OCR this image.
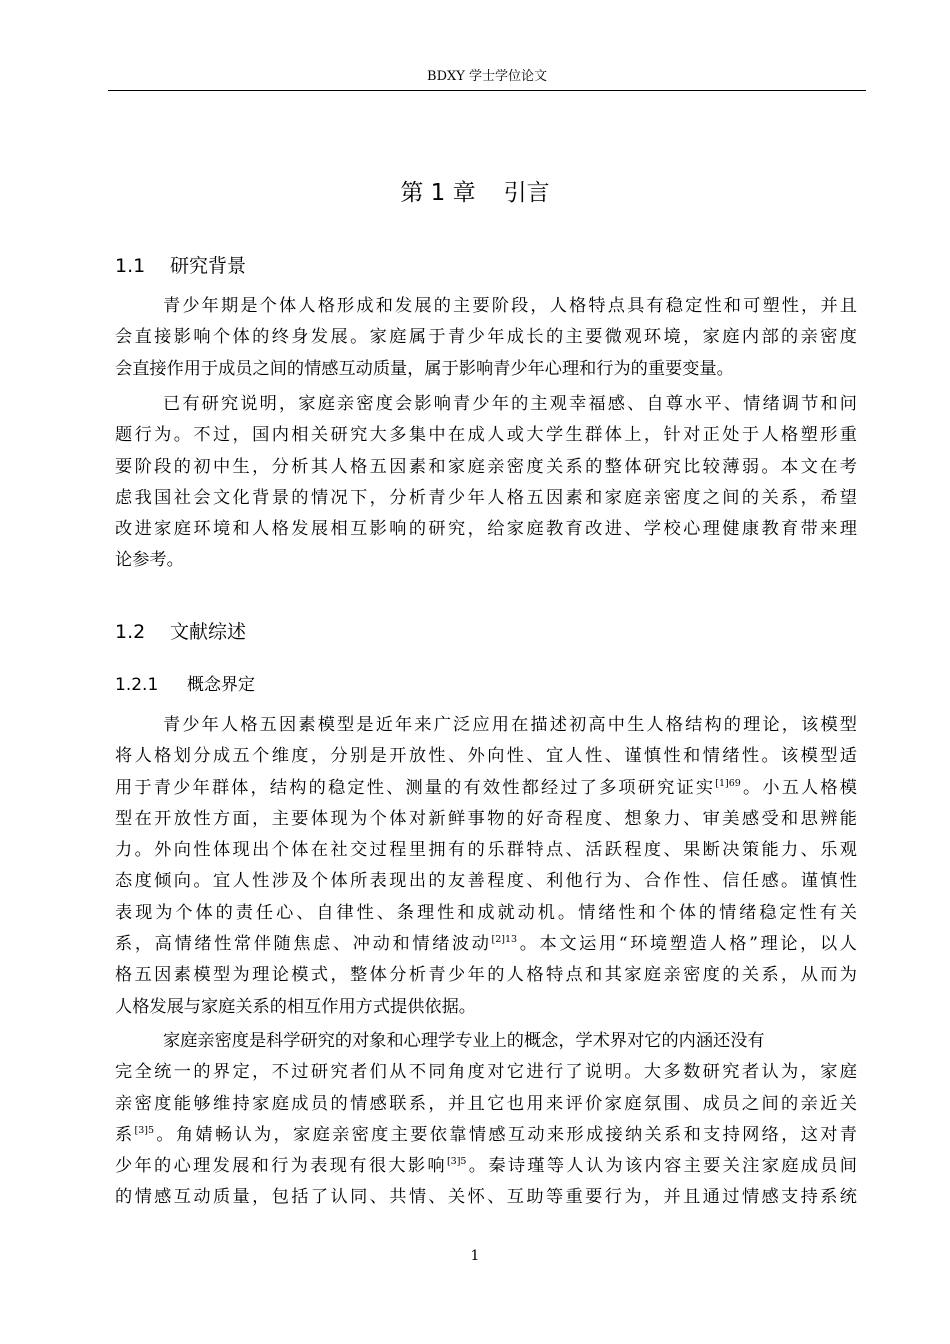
BDXY 学士学位论文
第 1 章 引言
1.1 研究背景
青少年期是个体人格形成和发展的主要阶段，人格特点具有稳定性和可塑性，并且
会直接影响个体的终身发展。家庭属于青少年成长的主要微观环境，家庭内部的亲密度
会直接作用于成员之间的情感互动质量，属于影响青少年心理和行为的重要变量。
已有研究说明，家庭亲密度会影响青少年的主观幸福感、自尊水平、情绪调节和问
题行为。不过，国内相关研究大多集中在成人或大学生群体上，针对正处于人格塑形重
要阶段的初中生，分析其人格五因素和家庭亲密度关系的整体研究比较薄弱。本文在考
虑我国社会文化背景的情况下，分析青少年人格五因素和家庭亲密度之间的关系，希望
改进家庭环境和人格发展相互影响的研究，给家庭教育改进、学校心理健康教育带来理
论参考。
1.2 文献综述
1.2.1 概念界定
青少年人格五因素模型是近年来广泛应用在描述初高中生人格结构的理论，该模型
将人格划分成五个维度，分别是开放性、外向性、宜人性、谨慎性和情绪性。该模型适
用于青少年群体，结构的稳定性、测量的有效性都经过了多项研究证实$^{[1]69}$。小五人格模
型在开放性方面，主要体现为个体对新鲜事物的好奇程度、想象力、审美感受和思辨能
力。外向性体现出个体在社交过程里拥有的乐群特点、活跃程度、果断决策能力、乐观
态度倾向。宜人性涉及个体所表现出的友善程度、利他行为、合作性、信任感。谨慎性
表现为个体的责任心、自律性、条理性和成就动机。情绪性和个体的情绪稳定性有关
系，高情绪性常伴随焦虑、冲动和情绪波动$^{[2]13}$。本文运用“环境塑造人格”理论，以人
格五因素模型为理论模式，整体分析青少年的人格特点和其家庭亲密度的关系，从而为
人格发展与家庭关系的相互作用方式提供依据。
家庭亲密度是科学研究的对象和心理学专业上的概念，学术界对它的内涵还没有
完全统一的界定，不过研究者们从不同角度对它进行了说明。大多数研究者认为，家庭
亲密度能够维持家庭成员的情感联系，并且它也用来评价家庭氛围、成员之间的亲近关
系$^{[3]5}$。角婧畅认为，家庭亲密度主要依靠情感互动来形成接纳关系和支持网络，这对青
少年的心理发展和行为表现有很大影响$^{[3]5}$。秦诗瑾等人认为该内容主要关注家庭成员间
的情感互动质量，包括了认同、共情、关怀、互助等重要行为，并且通过情感支持系统
1
